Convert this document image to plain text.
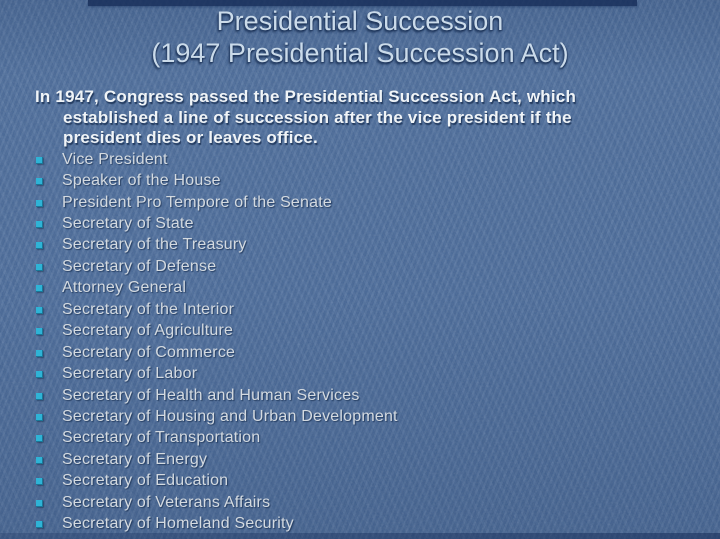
Presidential Succession
(1947 Presidential Succession Act)
In 1947, Congress passed the Presidential Succession Act, which
established a line of succession after the vice president if the
president dies or leaves office.
Vice President
Speaker of the House
President Pro Tempore of the Senate
Secretary of State
Secretary of the Treasury
Secretary of Defense
Attorney General
Secretary of the Interior
Secretary of Agriculture
Secretary of Commerce
Secretary of Labor
Secretary of Health and Human Services
Secretary of Housing and Urban Development
Secretary of Transportation
Secretary of Energy
Secretary of Education
Secretary of Veterans Affairs
Secretary of Homeland Security
